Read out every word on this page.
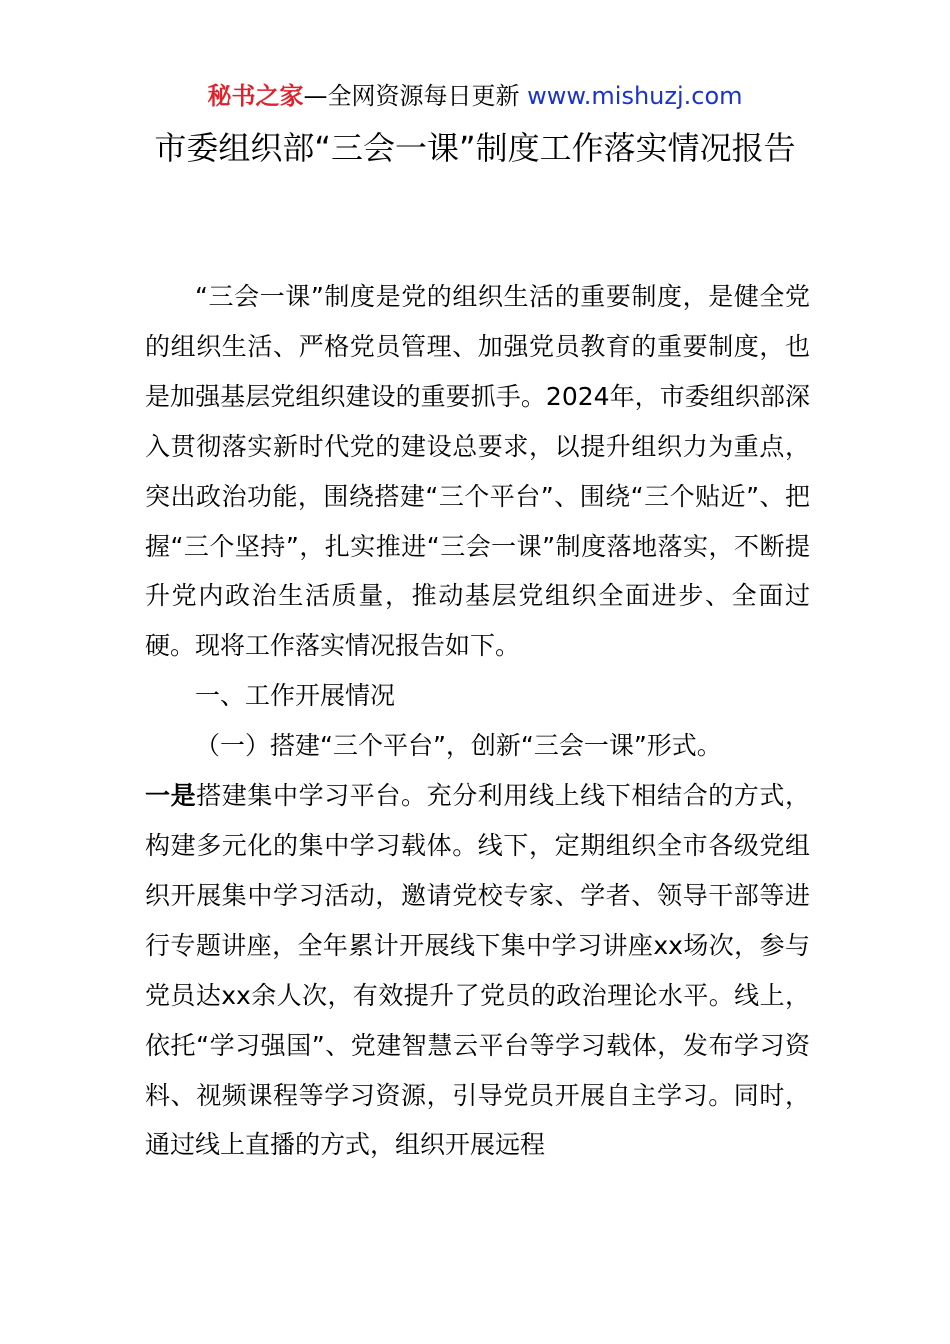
秘书之家—全网资源每日更新 www.mishuzj.com
市委组织部“三会一课”制度工作落实情况报告

“三会一课”制度是党的组织生活的重要制度，是健全党的组织生活、严格党员管理、加强党员教育的重要制度，也是加强基层党组织建设的重要抓手。2024年，市委组织部深入贯彻落实新时代党的建设总要求，以提升组织力为重点，突出政治功能，围绕搭建“三个平台”、围绕“三个贴近”、把握“三个坚持”，扎实推进“三会一课”制度落地落实，不断提升党内政治生活质量，推动基层党组织全面进步、全面过硬。现将工作落实情况报告如下。

一、工作开展情况

（一）搭建“三个平台”，创新“三会一课”形式。

一是搭建集中学习平台。充分利用线上线下相结合的方式，构建多元化的集中学习载体。线下，定期组织全市各级党组织开展集中学习活动，邀请党校专家、学者、领导干部等进行专题讲座，全年累计开展线下集中学习讲座xx场次，参与党员达xx余人次，有效提升了党员的政治理论水平。线上，依托“学习强国”、党建智慧云平台等学习载体，发布学习资料、视频课程等学习资源，引导党员开展自主学习。同时，通过线上直播的方式，组织开展远程
